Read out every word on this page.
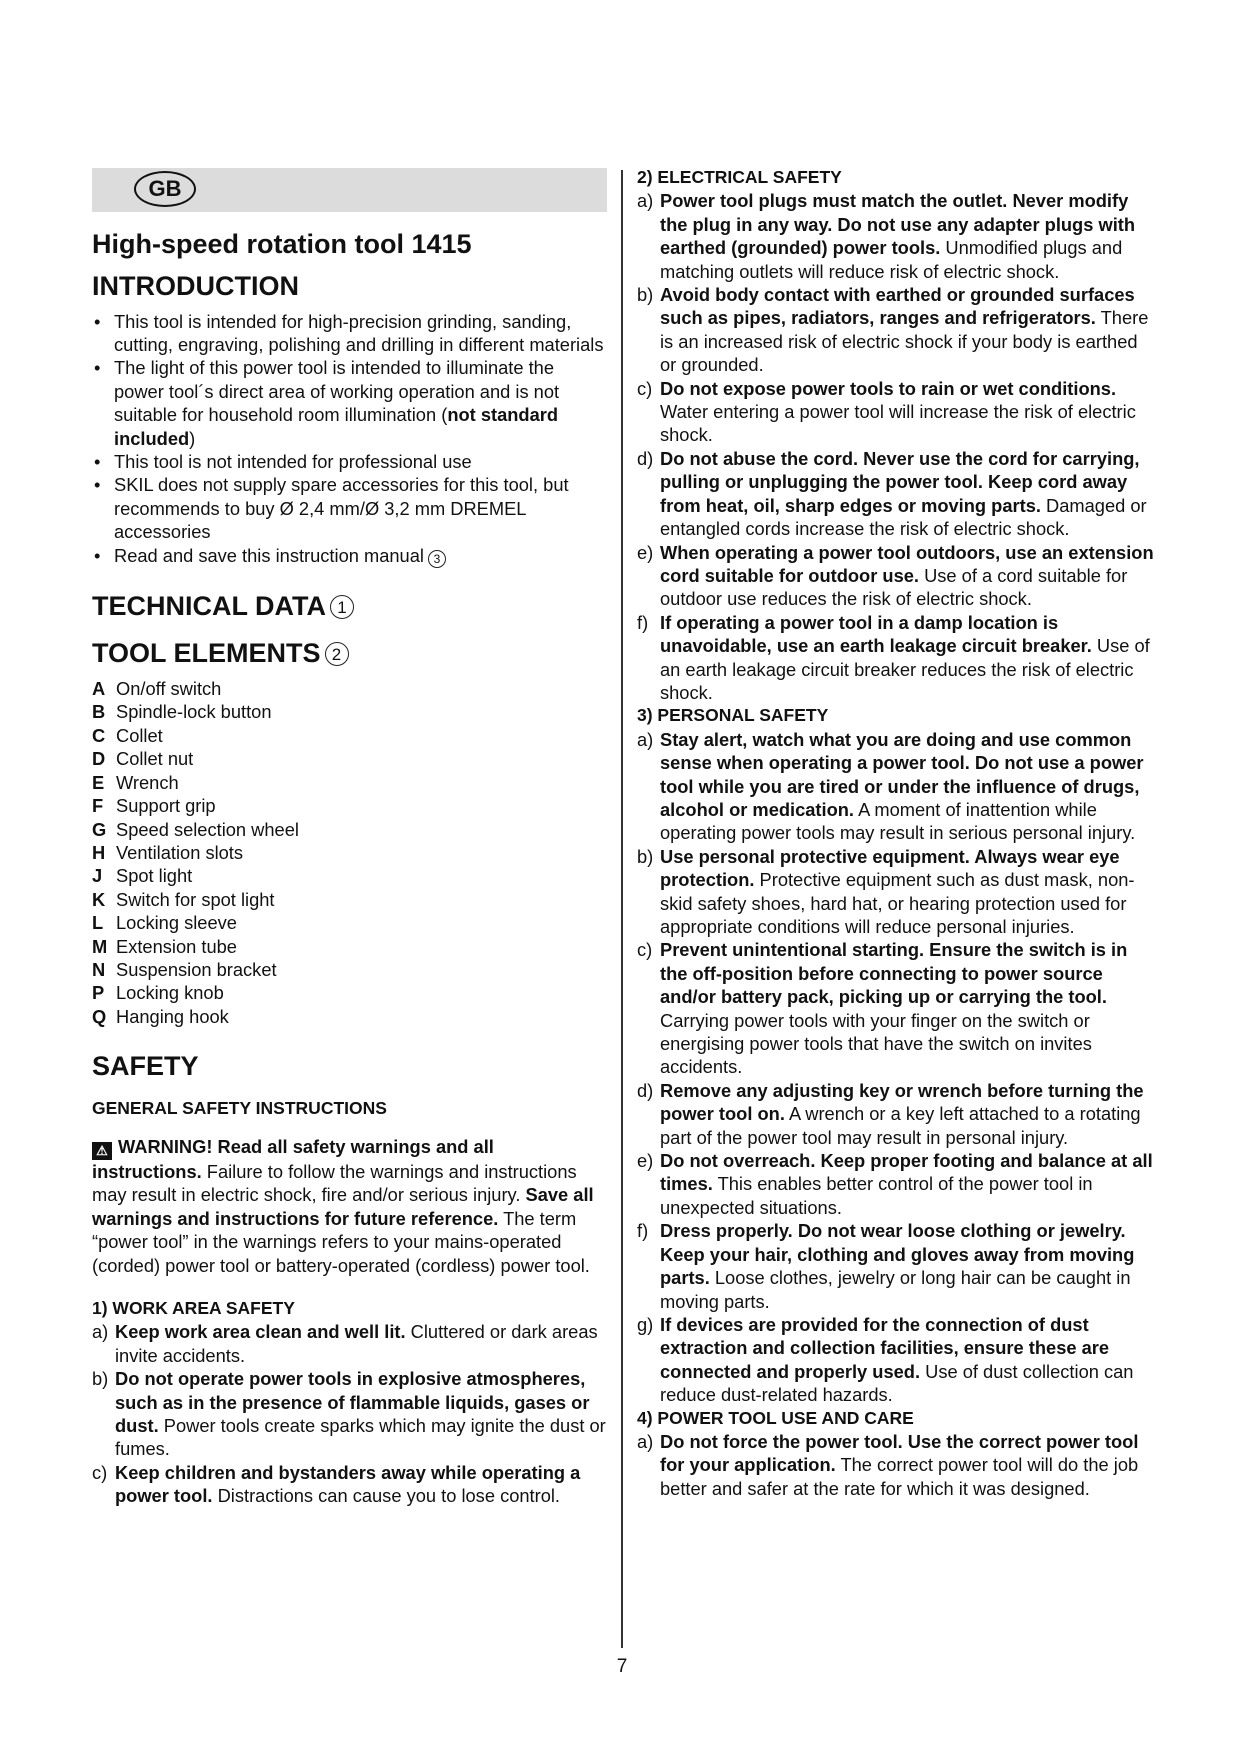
GB
High-speed rotation tool 1415
INTRODUCTION
• This tool is intended for high-precision grinding, sanding, cutting, engraving, polishing and drilling in different materials
• The light of this power tool is intended to illuminate the power tool´s direct area of working operation and is not suitable for household room illumination (not standard included)
• This tool is not intended for professional use
• SKIL does not supply spare accessories for this tool, but recommends to buy Ø 2,4 mm/Ø 3,2 mm DREMEL accessories
• Read and save this instruction manual 3
TECHNICAL DATA 1
TOOL ELEMENTS 2
A On/off switch
B Spindle-lock button
C Collet
D Collet nut
E Wrench
F Support grip
G Speed selection wheel
H Ventilation slots
J Spot light
K Switch for spot light
L Locking sleeve
M Extension tube
N Suspension bracket
P Locking knob
Q Hanging hook
SAFETY
GENERAL SAFETY INSTRUCTIONS

⚠ WARNING! Read all safety warnings and all instructions. Failure to follow the warnings and instructions may result in electric shock, fire and/or serious injury. Save all warnings and instructions for future reference. The term “power tool” in the warnings refers to your mains-operated (corded) power tool or battery-operated (cordless) power tool.

1) WORK AREA SAFETY
a) Keep work area clean and well lit. Cluttered or dark areas invite accidents.
b) Do not operate power tools in explosive atmospheres, such as in the presence of flammable liquids, gases or dust. Power tools create sparks which may ignite the dust or fumes.
c) Keep children and bystanders away while operating a power tool. Distractions can cause you to lose control.
2) ELECTRICAL SAFETY
a) Power tool plugs must match the outlet. Never modify the plug in any way. Do not use any adapter plugs with earthed (grounded) power tools. Unmodified plugs and matching outlets will reduce risk of electric shock.
b) Avoid body contact with earthed or grounded surfaces such as pipes, radiators, ranges and refrigerators. There is an increased risk of electric shock if your body is earthed or grounded.
c) Do not expose power tools to rain or wet conditions. Water entering a power tool will increase the risk of electric shock.
d) Do not abuse the cord. Never use the cord for carrying, pulling or unplugging the power tool. Keep cord away from heat, oil, sharp edges or moving parts. Damaged or entangled cords increase the risk of electric shock.
e) When operating a power tool outdoors, use an extension cord suitable for outdoor use. Use of a cord suitable for outdoor use reduces the risk of electric shock.
f) If operating a power tool in a damp location is unavoidable, use an earth leakage circuit breaker. Use of an earth leakage circuit breaker reduces the risk of electric shock.
3) PERSONAL SAFETY
a) Stay alert, watch what you are doing and use common sense when operating a power tool. Do not use a power tool while you are tired or under the influence of drugs, alcohol or medication. A moment of inattention while operating power tools may result in serious personal injury.
b) Use personal protective equipment. Always wear eye protection. Protective equipment such as dust mask, non-skid safety shoes, hard hat, or hearing protection used for appropriate conditions will reduce personal injuries.
c) Prevent unintentional starting. Ensure the switch is in the off-position before connecting to power source and/or battery pack, picking up or carrying the tool. Carrying power tools with your finger on the switch or energising power tools that have the switch on invites accidents.
d) Remove any adjusting key or wrench before turning the power tool on. A wrench or a key left attached to a rotating part of the power tool may result in personal injury.
e) Do not overreach. Keep proper footing and balance at all times. This enables better control of the power tool in unexpected situations.
f) Dress properly. Do not wear loose clothing or jewelry. Keep your hair, clothing and gloves away from moving parts. Loose clothes, jewelry or long hair can be caught in moving parts.
g) If devices are provided for the connection of dust extraction and collection facilities, ensure these are connected and properly used. Use of dust collection can reduce dust-related hazards.
4) POWER TOOL USE AND CARE
a) Do not force the power tool. Use the correct power tool for your application. The correct power tool will do the job better and safer at the rate for which it was designed.
7
